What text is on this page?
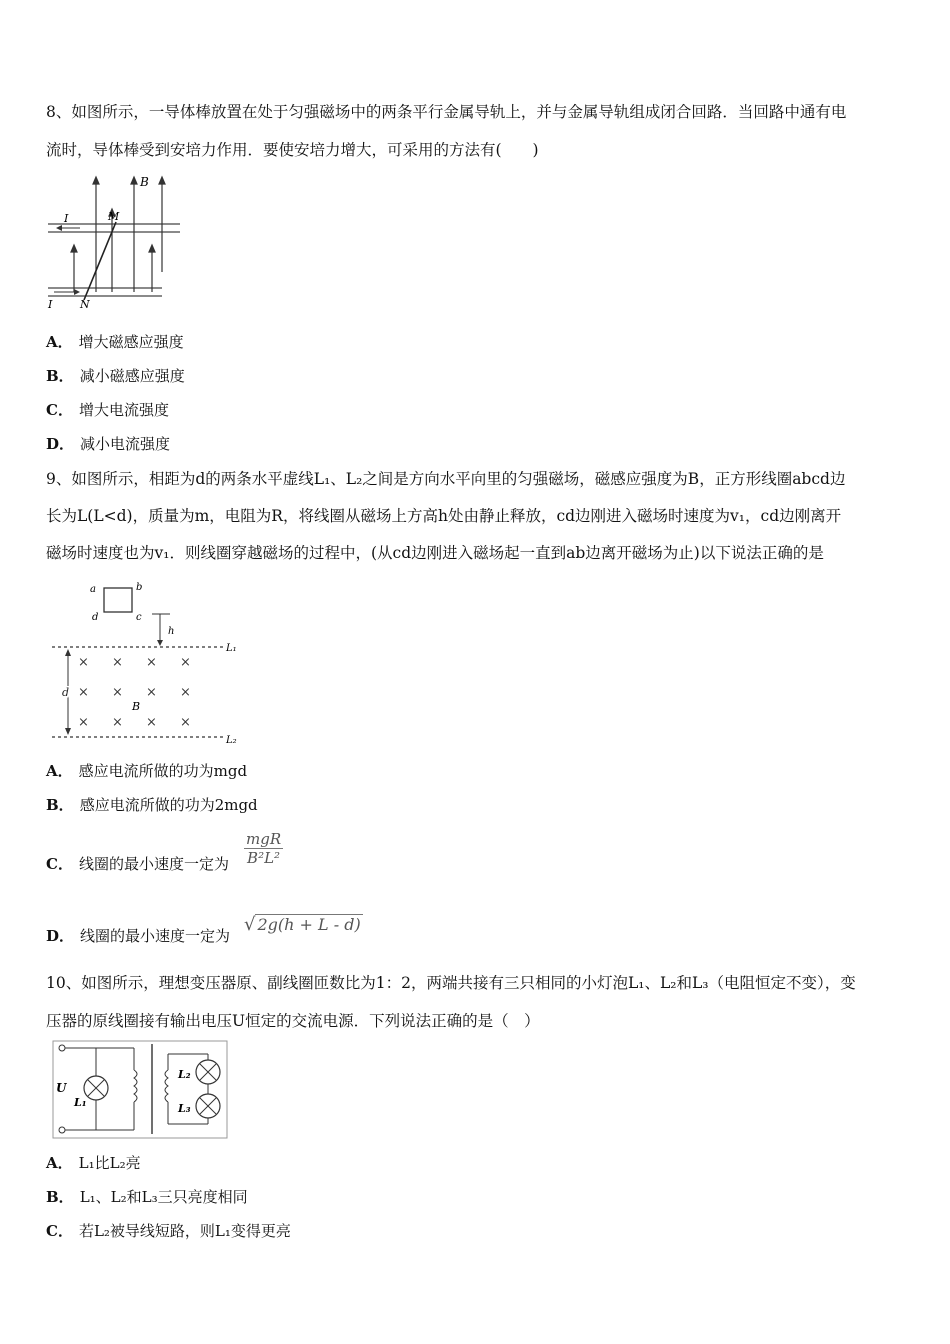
8、如图所示，一导体棒放置在处于匀强磁场中的两条平行金属导轨上，并与金属导轨组成闭合回路．当回路中通有电
流时，导体棒受到安培力作用．要使安培力增大，可采用的方法有(　　)
B
M
N
I
I
A． 增大磁感应强度
B． 减小磁感应强度
C． 增大电流强度
D． 减小电流强度
9、如图所示，相距为d的两条水平虚线L₁、L₂之间是方向水平向里的匀强磁场，磁感应强度为B，正方形线圈abcd边
长为L(L<d)，质量为m，电阻为R，将线圈从磁场上方高h处由静止释放，cd边刚进入磁场时速度为v₁，cd边刚离开
磁场时速度也为v₁．则线圈穿越磁场的过程中，(从cd边刚进入磁场起一直到ab边离开磁场为止)以下说法正确的是
a	b
d	c
h
L₁
L₂
d
× × × ×
× × × ×
× × × ×
B
A． 感应电流所做的功为mgd
B． 感应电流所做的功为2mgd
C． 线圈的最小速度一定为
mgR
B²L²
D． 线圈的最小速度一定为
√ 2g(h + L - d)
10、如图所示，理想变压器原、副线圈匝数比为1：2，两端共接有三只相同的小灯泡L₁、L₂和L₃（电阻恒定不变），变
压器的原线圈接有输出电压U恒定的交流电源．下列说法正确的是（　）
U
L₁
L₂
L₃
A． L₁比L₂亮
B． L₁、L₂和L₃三只亮度相同
C． 若L₂被导线短路，则L₁变得更亮
